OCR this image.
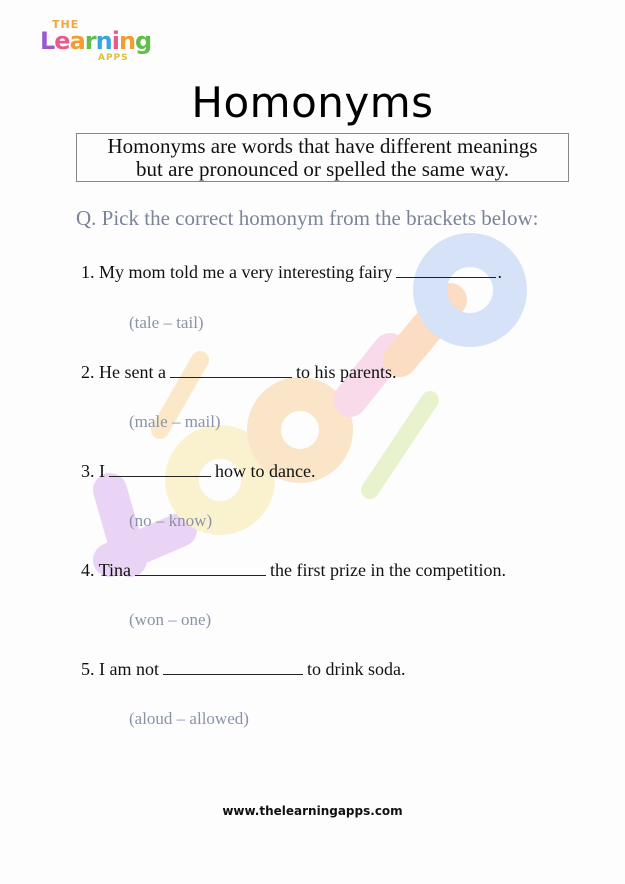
THE
Learning
APPS
Homonyms
Homonyms are words that have different meanings
but are pronounced or spelled the same way.
Q. Pick the correct homonym from the brackets below:
1. My mom told me a very interesting fairy	.
(tale – tail)
2. He sent a	to his parents.
(male – mail)
3. I	how to dance.
(no – know)
4. Tina	the first prize in the competition.
(won – one)
5. I am not	to drink soda.
(aloud – allowed)
www.thelearningapps.com
